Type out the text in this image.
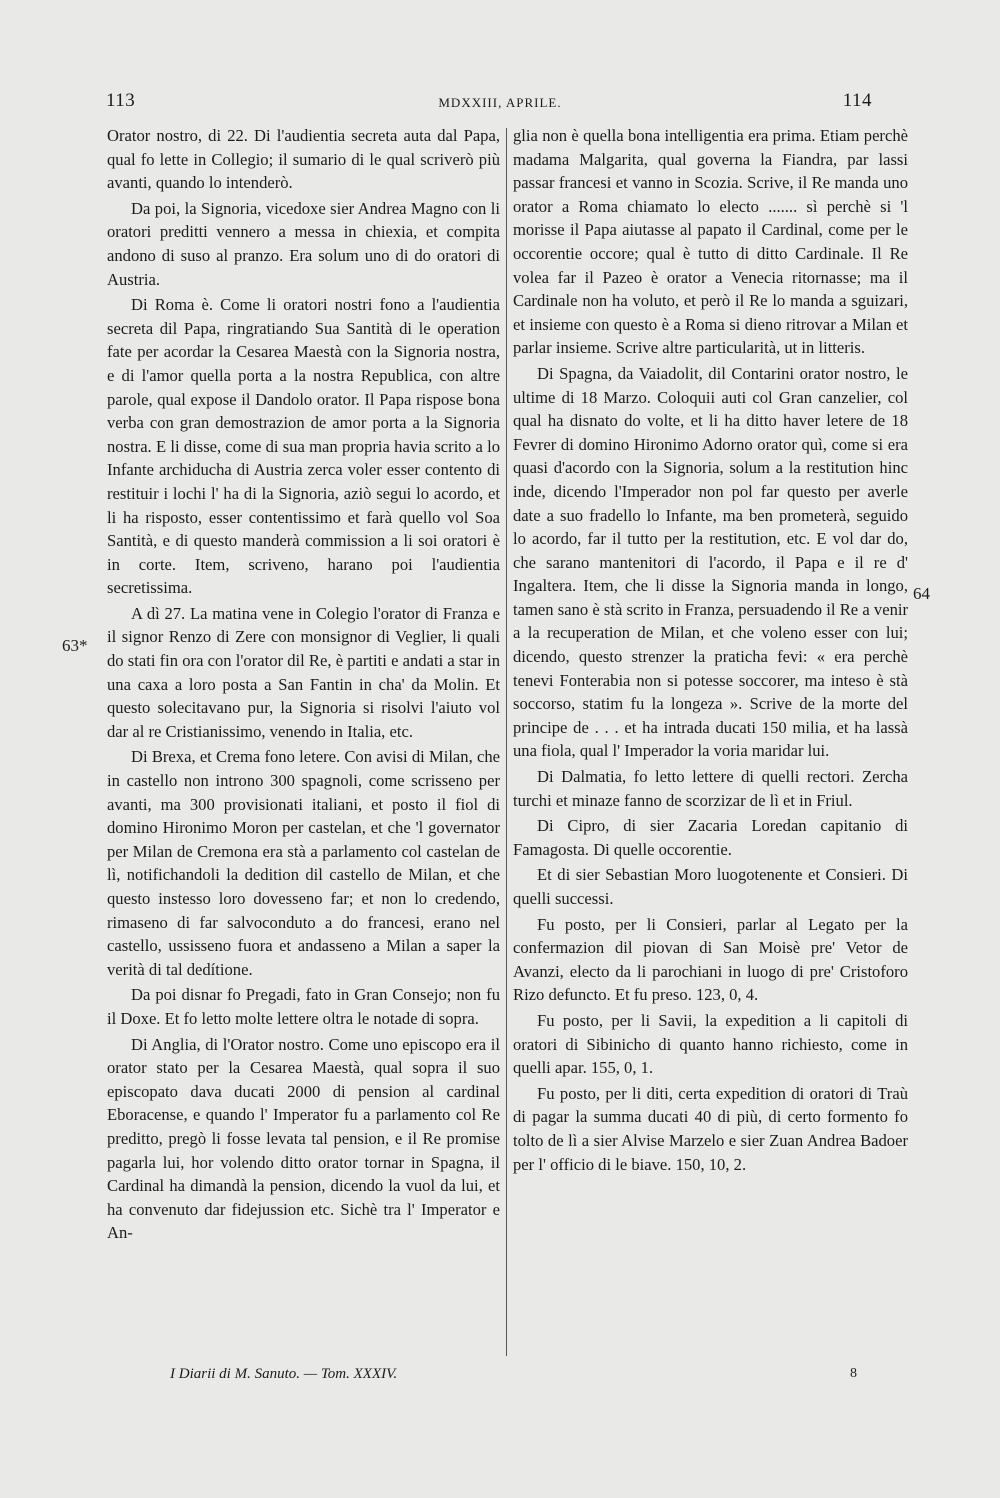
113	MDXXIII, APRILE.	114
63*
64

Orator nostro, di 22. Di l'audientia secreta auta dal Papa, qual fo lette in Collegio; il sumario di le qual scriverò più avanti, quando lo intenderò.

Da poi, la Signoria, vicedoxe sier Andrea Magno con li oratori preditti vennero a messa in chiexia, et compita andono di suso al pranzo. Era solum uno di do oratori di Austria.

Di Roma è. Come li oratori nostri fono a l'audientia secreta dil Papa, ringratiando Sua Santità di le operation fate per acordar la Cesarea Maestà con la Signoria nostra, e di l'amor quella porta a la nostra Republica, con altre parole, qual expose il Dandolo orator. Il Papa rispose bona verba con gran demostrazion de amor porta a la Signoria nostra. E li disse, come di sua man propria havia scrito a lo Infante archiducha di Austria zerca voler esser contento di restituir i lochi l' ha di la Signoria, aziò segui lo acordo, et li ha risposto, esser contentissimo et farà quello vol Soa Santità, e di questo manderà commission a li soi oratori è in corte. Item, scriveno, harano poi l'audientia secretissima.

A dì 27. La matina vene in Colegio l'orator di Franza e il signor Renzo di Zere con monsignor di Veglier, li quali do stati fin ora con l'orator dil Re, è partiti e andati a star in una caxa a loro posta a San Fantin in cha' da Molin. Et questo solecitavano pur, la Signoria si risolvi l'aiuto vol dar al re Cristianissimo, venendo in Italia, etc.

Di Brexa, et Crema fono letere. Con avisi di Milan, che in castello non introno 300 spagnoli, come scrisseno per avanti, ma 300 provisionati italiani, et posto il fiol di domino Hironimo Moron per castelan, et che 'l governator per Milan de Cremona era stà a parlamento col castelan de lì, notifichandoli la dedition dil castello de Milan, et che questo instesso loro dovesseno far; et non lo credendo, rimaseno di far salvoconduto a do francesi, erano nel castello, ussisseno fuora et andasseno a Milan a saper la verità di tal dedítione.

Da poi disnar fo Pregadi, fato in Gran Consejo; non fu il Doxe. Et fo letto molte lettere oltra le notade di sopra.

Di Anglia, di l'Orator nostro. Come uno episcopo era il orator stato per la Cesarea Maestà, qual sopra il suo episcopato dava ducati 2000 di pension al cardinal Eboracense, e quando l' Imperator fu a parlamento col Re predittо, pregò li fosse levata tal pension, e il Re promise pagarla lui, hor volendo ditto orator tornar in Spagna, il Cardinal ha dimandà la pension, dicendo la vuol da lui, et ha convenuto dar fidejussion etc. Sichè tra l' Imperator e An-

glia non è quella bona intelligentia era prima. Etiam perchè madama Malgarita, qual governa la Fiandra, par lassi passar francesi et vanno in Scozia. Scrive, il Re manda uno orator a Roma chiamato lo electo ....... sì perchè si 'l morisse il Papa aiutasse al papato il Cardinal, come per le occorentie occore; qual è tutto di ditto Cardinale. Il Re volea far il Pazeo è orator a Venecia ritornasse; ma il Cardinale non ha voluto, et però il Re lo manda a sguizari, et insieme con questo è a Roma si dieno ritrovar a Milan et parlar insieme. Scrive altre particularità, ut in litteris.

Di Spagna, da Vaiadolit, dil Contarini orator nostro, le ultime di 18 Marzo. Coloquii auti col Gran canzelier, col qual ha disnato do volte, et li ha ditto haver letere de 18 Fevrer di domino Hironimo Adorno orator quì, come si era quasi d'acordo con la Signoria, solum a la restitution hinc inde, dicendo l'Imperador non pol far questo per averle date a suo fradello lo Infante, ma ben prometerà, seguido lo acordo, far il tutto per la restitution, etc. E vol dar do, che sarano mantenitori di l'acordo, il Papa e il re d' Ingaltera. Item, che li disse la Signoria manda in longo, tamen sano è stà scrito in Franza, persuadendo il Re a venir a la recuperation de Milan, et che voleno esser con lui; dicendo, questo strenzer la praticha fevi: « era perchè tenevi Fonterabia non si potesse soccorer, ma inteso è stà soccorso, statim fu la longeza ». Scrive de la morte del principe de . . . et ha intrada ducati 150 milia, et ha lassà una fiola, qual l' Imperador la voria maridar lui.

Di Dalmatia, fo letto lettere di quelli rectori. Zercha turchi et minaze fanno de scorzizar de lì et in Friul.

Di Cipro, di sier Zacaria Loredan capitanio di Famagosta. Di quelle occorentie.

Et di sier Sebastian Moro luogotenente et Consieri. Di quelli successi.

Fu posto, per li Consieri, parlar al Legato per la confermazion dil piovan di San Moisè pre' Vetor de Avanzi, electo da li parochiani in luogo di pre' Cristoforo Rizo defuncto. Et fu preso. 123, 0, 4.

Fu posto, per li Savii, la expedition a li capitoli di oratori di Sibinicho di quanto hanno richiesto, come in quelli apar. 155, 0, 1.

Fu posto, per li diti, certa expedition di oratori di Traù di pagar la summa ducati 40 di più, di certo formento fo tolto de lì a sier Alvise Marzelo e sier Zuan Andrea Badoer per l' officio di le biave. 150, 10, 2.

I Diarii di M. Sanuto. — Tom. XXXIV.	8
